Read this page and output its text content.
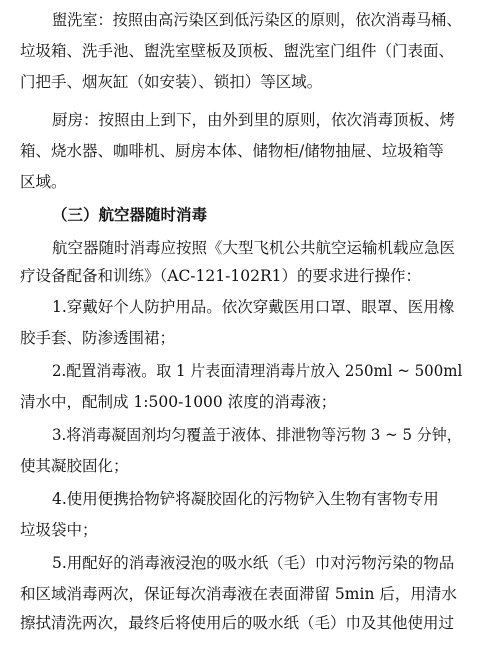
盥洗室：按照由高污染区到低污染区的原则，依次消毒马桶、
垃圾箱、洗手池、盥洗室壁板及顶板、盥洗室门组件（门表面、
门把手、烟灰缸（如安装）、锁扣）等区域。
厨房：按照由上到下，由外到里的原则，依次消毒顶板、烤
箱、烧水器、咖啡机、厨房本体、储物柜/储物抽屉、垃圾箱等
区域。
（三）航空器随时消毒
航空器随时消毒应按照《大型飞机公共航空运输机载应急医
疗设备配备和训练》（AC-121-102R1）的要求进行操作：
1.穿戴好个人防护用品。依次穿戴医用口罩、眼罩、医用橡
胶手套、防渗透围裙；
2.配置消毒液。取 1 片表面清理消毒片放入 250ml ~ 500ml
清水中，配制成 1:500-1000 浓度的消毒液；
3.将消毒凝固剂均匀覆盖于液体、排泄物等污物 3 ~ 5 分钟，
使其凝胶固化；
4.使用便携拾物铲将凝胶固化的污物铲入生物有害物专用
垃圾袋中；
5.用配好的消毒液浸泡的吸水纸（毛）巾对污物污染的物品
和区域消毒两次，保证每次消毒液在表面滞留 5min 后，用清水
擦拭清洗两次，最终后将使用后的吸水纸（毛）巾及其他使用过
